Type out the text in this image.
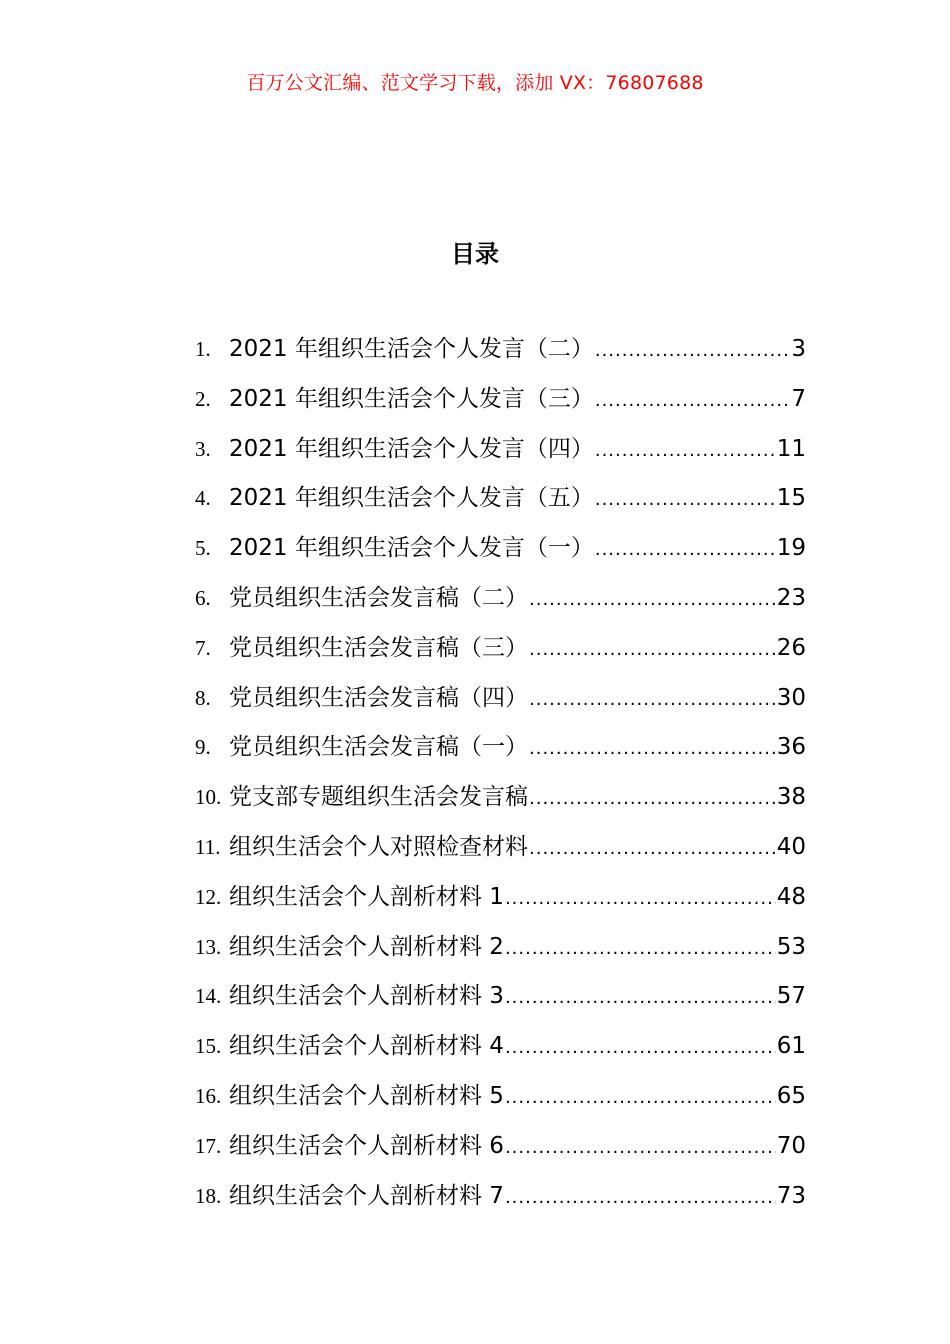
百万公文汇编、范文学习下载，添加 VX：76807688
目录
1. 2021 年组织生活会个人发言（二） .....	3
2. 2021 年组织生活会个人发言（三） .....	7
3. 2021 年组织生活会个人发言（四） .....	11
4. 2021 年组织生活会个人发言（五） .....	15
5. 2021 年组织生活会个人发言（一） .....	19
6. 党员组织生活会发言稿（二） .....	23
7. 党员组织生活会发言稿（三） .....	26
8. 党员组织生活会发言稿（四） .....	30
9. 党员组织生活会发言稿（一） .....	36
10. 党支部专题组织生活会发言稿 .....	38
11. 组织生活会个人对照检查材料 .....	40
12. 组织生活会个人剖析材料 1 .....	48
13. 组织生活会个人剖析材料 2 .....	53
14. 组织生活会个人剖析材料 3 .....	57
15. 组织生活会个人剖析材料 4 .....	61
16. 组织生活会个人剖析材料 5 .....	65
17. 组织生活会个人剖析材料 6 .....	70
18. 组织生活会个人剖析材料 7 .....	73
